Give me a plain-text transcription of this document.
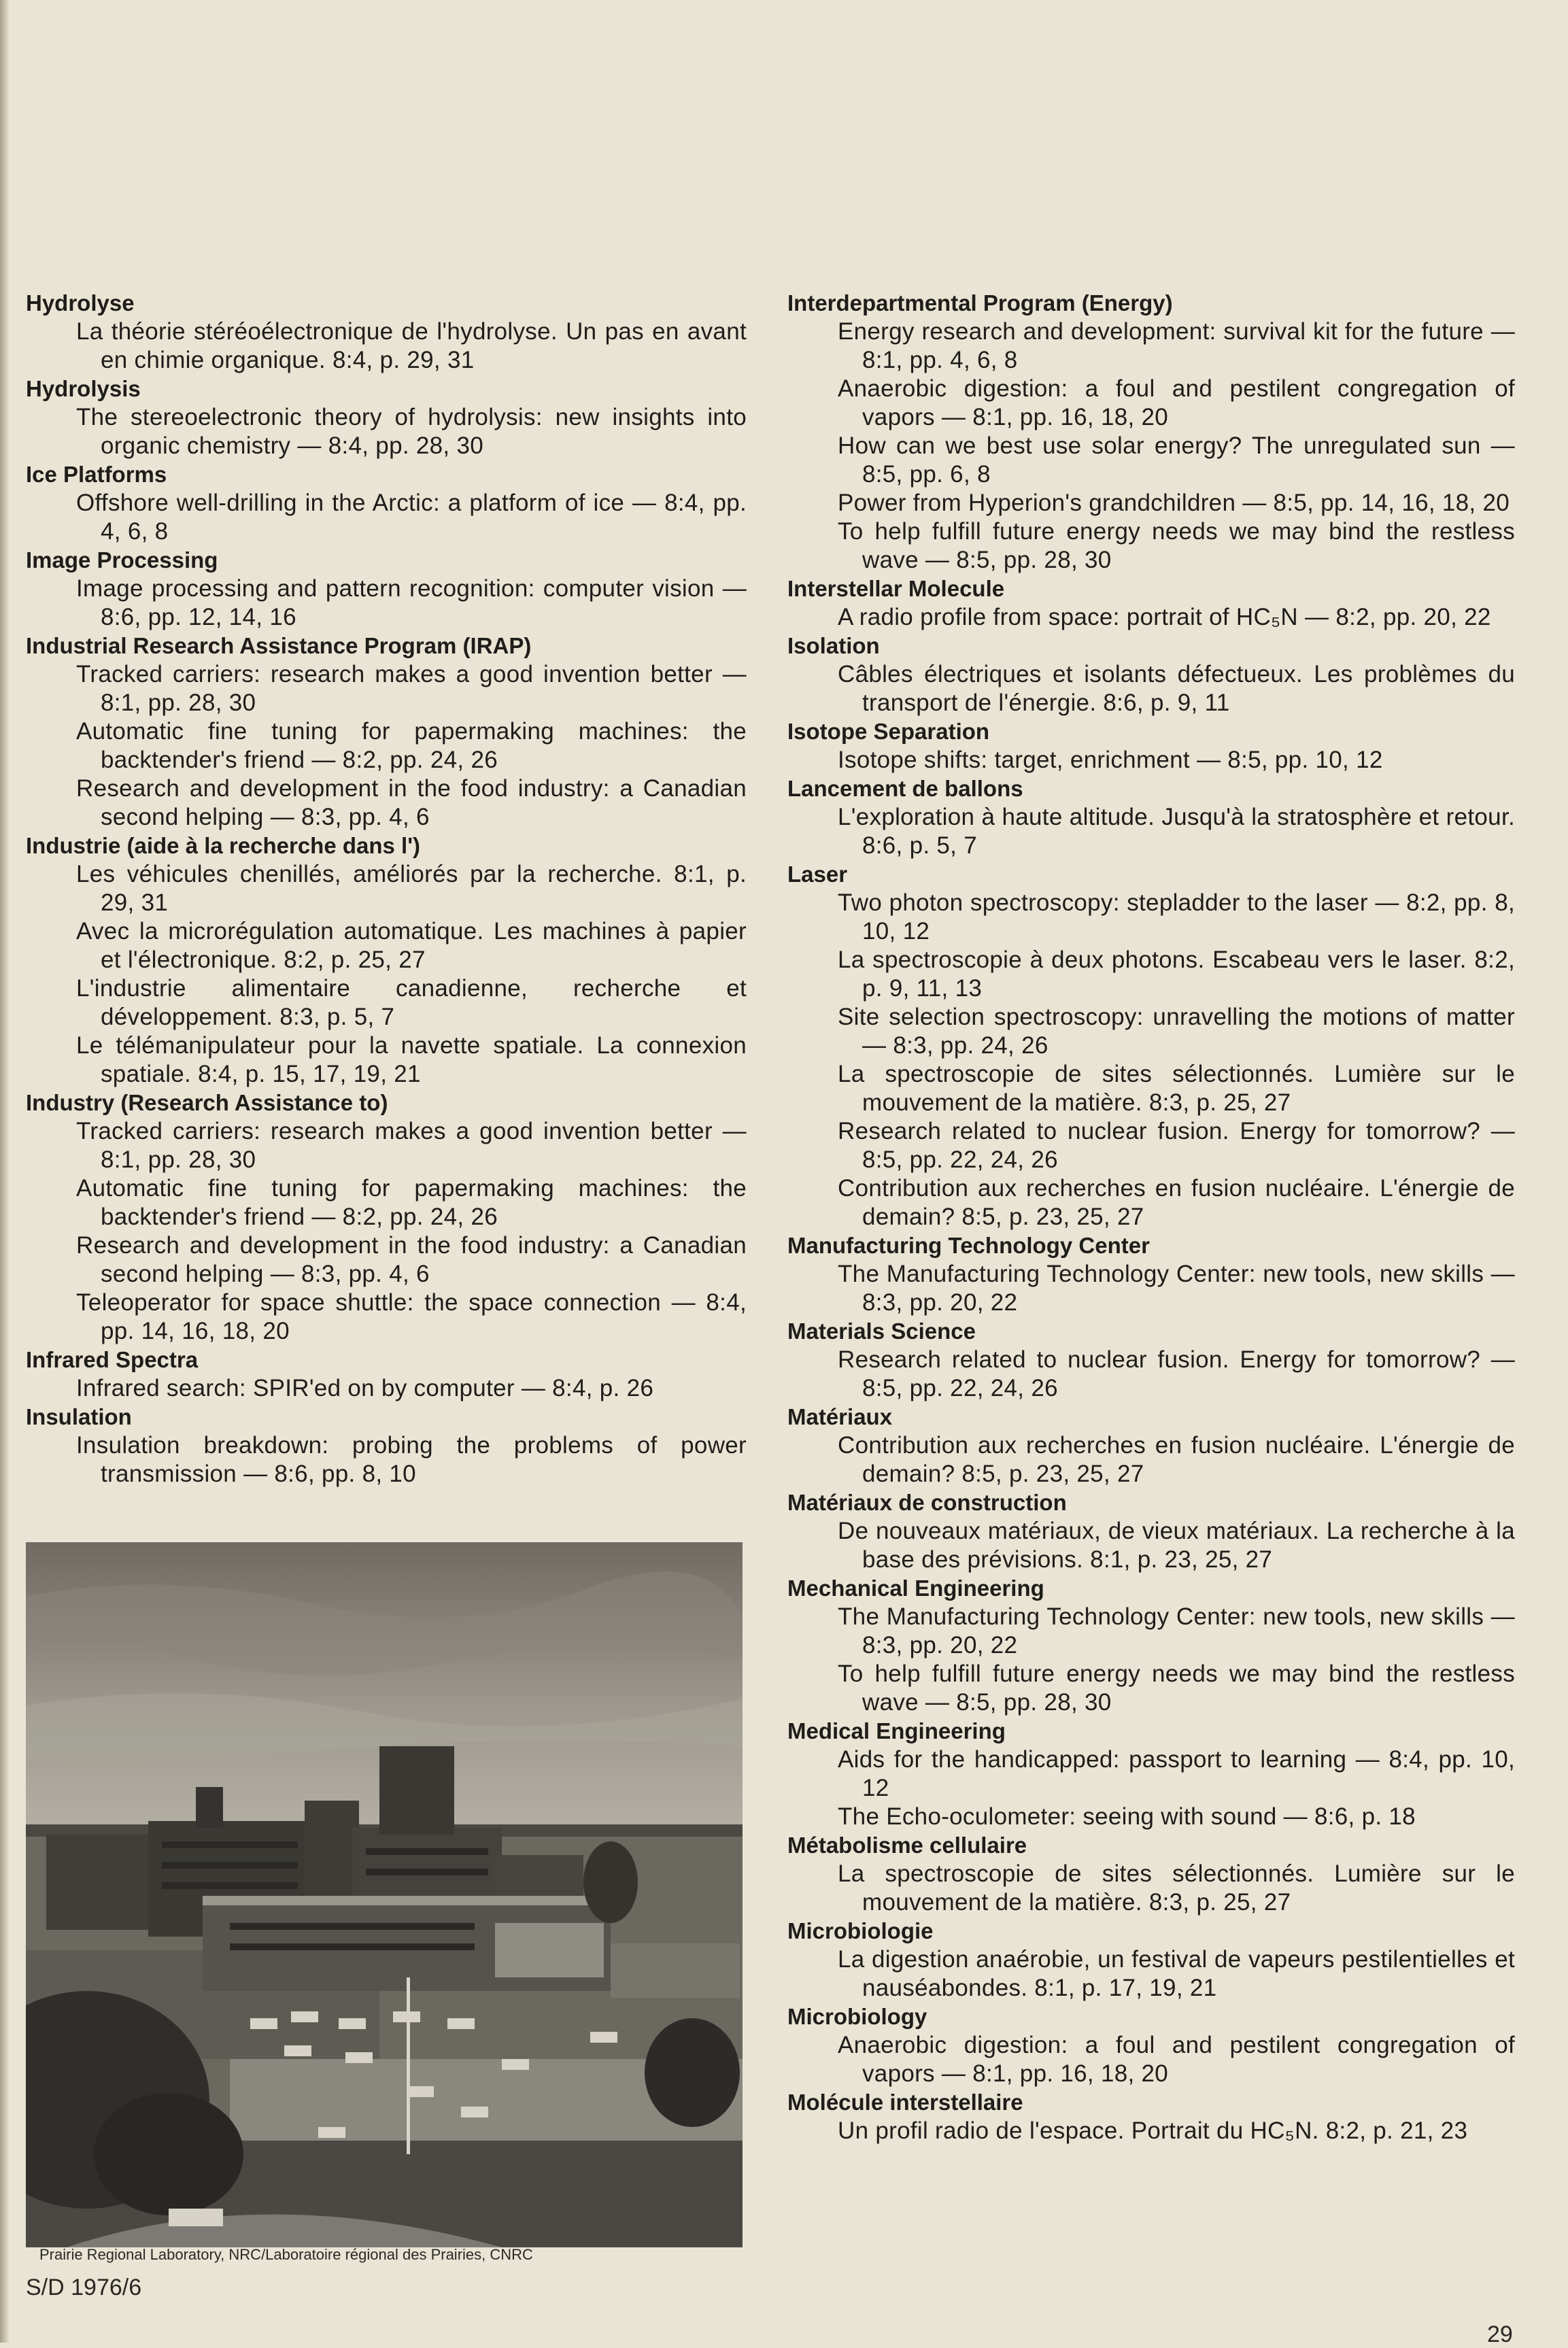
Hydrolyse

La théorie stéréoélectronique de l'hydrolyse. Un pas en avant en chimie organique. 8:4, p. 29, 31

Hydrolysis

The stereoelectronic theory of hydrolysis: new insights into organic chemistry — 8:4, pp. 28, 30

Ice Platforms

Offshore well-drilling in the Arctic: a platform of ice — 8:4, pp. 4, 6, 8

Image Processing

Image processing and pattern recognition: computer vision — 8:6, pp. 12, 14, 16

Industrial Research Assistance Program (IRAP)

Tracked carriers: research makes a good invention better — 8:1, pp. 28, 30

Automatic fine tuning for papermaking machines: the backtender's friend — 8:2, pp. 24, 26

Research and development in the food industry: a Canadian second helping — 8:3, pp. 4, 6

Industrie (aide à la recherche dans l')

Les véhicules chenillés, améliorés par la recherche. 8:1, p. 29, 31

Avec la microrégulation automatique. Les machines à papier et l'électronique. 8:2, p. 25, 27

L'industrie alimentaire canadienne, recherche et développement. 8:3, p. 5, 7

Le télémanipulateur pour la navette spatiale. La connexion spatiale. 8:4, p. 15, 17, 19, 21

Industry (Research Assistance to)

Tracked carriers: research makes a good invention better — 8:1, pp. 28, 30

Automatic fine tuning for papermaking machines: the backtender's friend — 8:2, pp. 24, 26

Research and development in the food industry: a Canadian second helping — 8:3, pp. 4, 6

Teleoperator for space shuttle: the space connection — 8:4, pp. 14, 16, 18, 20

Infrared Spectra

Infrared search: SPIR'ed on by computer — 8:4, p. 26

Insulation

Insulation breakdown: probing the problems of power transmission — 8:6, pp. 8, 10

Interdepartmental Program (Energy)

Energy research and development: survival kit for the future — 8:1, pp. 4, 6, 8

Anaerobic digestion: a foul and pestilent congregation of vapors — 8:1, pp. 16, 18, 20

How can we best use solar energy? The unregulated sun — 8:5, pp. 6, 8

Power from Hyperion's grandchildren — 8:5, pp. 14, 16, 18, 20

To help fulfill future energy needs we may bind the restless wave — 8:5, pp. 28, 30

Interstellar Molecule

A radio profile from space: portrait of HC₅N — 8:2, pp. 20, 22

Isolation

Câbles électriques et isolants défectueux. Les problèmes du transport de l'énergie. 8:6, p. 9, 11

Isotope Separation

Isotope shifts: target, enrichment — 8:5, pp. 10, 12

Lancement de ballons

L'exploration à haute altitude. Jusqu'à la stratosphère et retour. 8:6, p. 5, 7

Laser

Two photon spectroscopy: stepladder to the laser — 8:2, pp. 8, 10, 12

La spectroscopie à deux photons. Escabeau vers le laser. 8:2, p. 9, 11, 13

Site selection spectroscopy: unravelling the motions of matter — 8:3, pp. 24, 26

La spectroscopie de sites sélectionnés. Lumière sur le mouvement de la matière. 8:3, p. 25, 27

Research related to nuclear fusion. Energy for tomorrow? — 8:5, pp. 22, 24, 26

Contribution aux recherches en fusion nucléaire. L'énergie de demain? 8:5, p. 23, 25, 27

Manufacturing Technology Center

The Manufacturing Technology Center: new tools, new skills — 8:3, pp. 20, 22

Materials Science

Research related to nuclear fusion. Energy for tomorrow? — 8:5, pp. 22, 24, 26

Matériaux

Contribution aux recherches en fusion nucléaire. L'énergie de demain? 8:5, p. 23, 25, 27

Matériaux de construction

De nouveaux matériaux, de vieux matériaux. La recherche à la base des prévisions. 8:1, p. 23, 25, 27

Mechanical Engineering

The Manufacturing Technology Center: new tools, new skills — 8:3, pp. 20, 22

To help fulfill future energy needs we may bind the restless wave — 8:5, pp. 28, 30

Medical Engineering

Aids for the handicapped: passport to learning — 8:4, pp. 10, 12

The Echo-oculometer: seeing with sound — 8:6, p. 18

Métabolisme cellulaire

La spectroscopie de sites sélectionnés. Lumière sur le mouvement de la matière. 8:3, p. 25, 27

Microbiologie

La digestion anaérobie, un festival de vapeurs pestilentielles et nauséabondes. 8:1, p. 17, 19, 21

Microbiology

Anaerobic digestion: a foul and pestilent congregation of vapors — 8:1, pp. 16, 18, 20

Molécule interstellaire

Un profil radio de l'espace. Portrait du HC₅N. 8:2, p. 21, 23

Prairie Regional Laboratory, NRC/Laboratoire régional des Prairies, CNRC
S/D 1976/6
29
